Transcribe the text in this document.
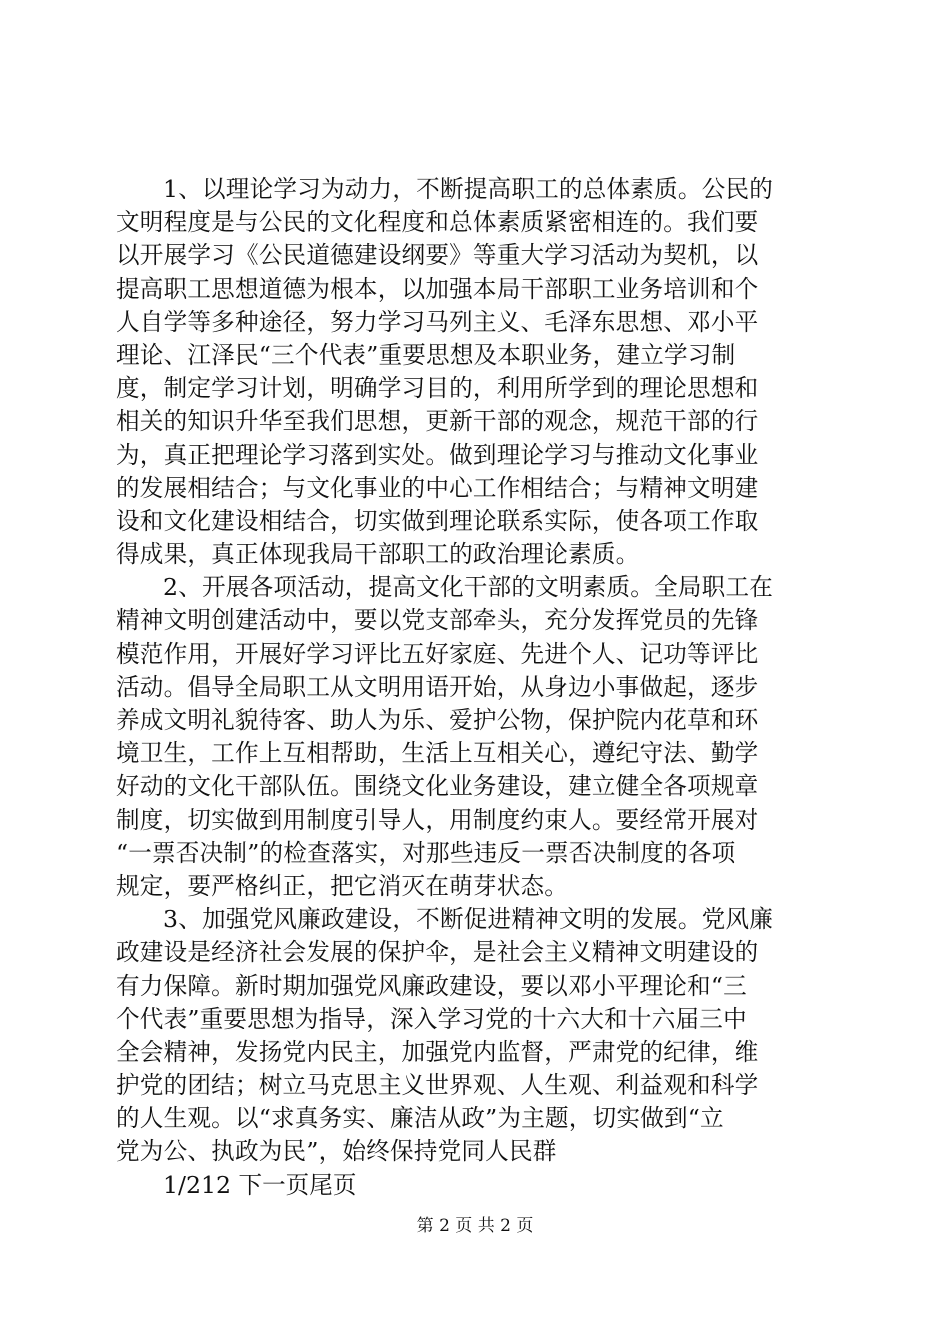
1、以理论学习为动力，不断提高职工的总体素质。公民的
文明程度是与公民的文化程度和总体素质紧密相连的。我们要
以开展学习《公民道德建设纲要》等重大学习活动为契机，以
提高职工思想道德为根本，以加强本局干部职工业务培训和个
人自学等多种途径，努力学习马列主义、毛泽东思想、邓小平
理论、江泽民“三个代表”重要思想及本职业务，建立学习制
度，制定学习计划，明确学习目的，利用所学到的理论思想和
相关的知识升华至我们思想，更新干部的观念，规范干部的行
为，真正把理论学习落到实处。做到理论学习与推动文化事业
的发展相结合；与文化事业的中心工作相结合；与精神文明建
设和文化建设相结合，切实做到理论联系实际，使各项工作取
得成果，真正体现我局干部职工的政治理论素质。
2、开展各项活动，提高文化干部的文明素质。全局职工在
精神文明创建活动中，要以党支部牵头，充分发挥党员的先锋
模范作用，开展好学习评比五好家庭、先进个人、记功等评比
活动。倡导全局职工从文明用语开始，从身边小事做起，逐步
养成文明礼貌待客、助人为乐、爱护公物，保护院内花草和环
境卫生，工作上互相帮助，生活上互相关心，遵纪守法、勤学
好动的文化干部队伍。围绕文化业务建设，建立健全各项规章
制度，切实做到用制度引导人，用制度约束人。要经常开展对
“一票否决制”的检查落实，对那些违反一票否决制度的各项
规定，要严格纠正，把它消灭在萌芽状态。
3、加强党风廉政建设，不断促进精神文明的发展。党风廉
政建设是经济社会发展的保护伞，是社会主义精神文明建设的
有力保障。新时期加强党风廉政建设，要以邓小平理论和“三
个代表”重要思想为指导，深入学习党的十六大和十六届三中
全会精神，发扬党内民主，加强党内监督，严肃党的纪律，维
护党的团结；树立马克思主义世界观、人生观、利益观和科学
的人生观。以“求真务实、廉洁从政”为主题，切实做到“立
党为公、执政为民”，始终保持党同人民群
1/212 下一页尾页
第 2 页 共 2 页
